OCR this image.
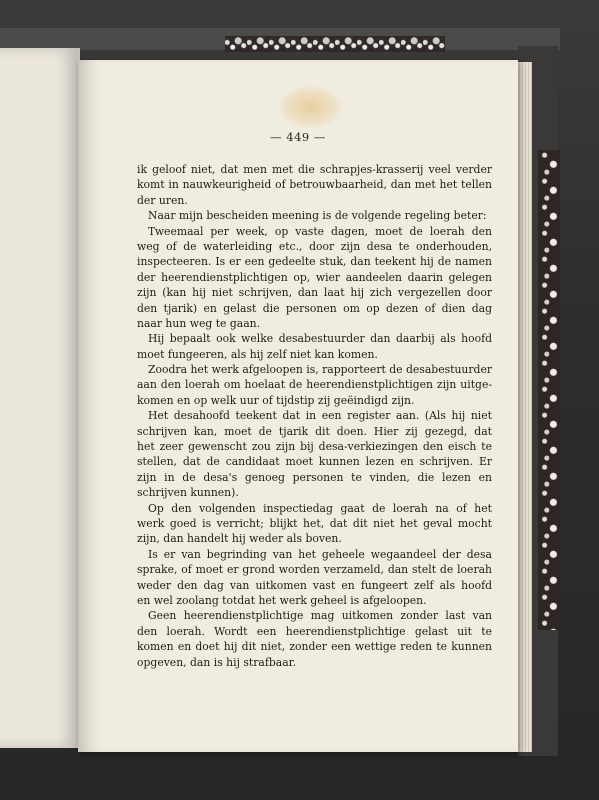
— 449 —
ik geloof niet, dat men met die schrapjes-krasserij veel verder
komt in nauwkeurigheid of betrouwbaarheid, dan met het tellen
der uren.
Naar mijn bescheiden meening is de volgende regeling beter:
Tweemaal per week, op vaste dagen, moet de loerah den
weg of de waterleiding etc., door zijn desa te onderhouden,
inspecteeren. Is er een gedeelte stuk, dan teekent hij de namen
der heerendienstplichtigen op, wier aandeelen daarin gelegen
zijn (kan hij niet schrijven, dan laat hij zich vergezellen door
den tjarik) en gelast die personen om op dezen of dien dag
naar hun weg te gaan.
Hij bepaalt ook welke desabestuurder dan daarbij als hoofd
moet fungeeren, als hij zelf niet kan komen.
Zoodra het werk afgeloopen is, rapporteert de desabestuurder
aan den loerah om hoelaat de heerendienstplichtigen zijn uitge-
komen en op welk uur of tijdstip zij geëindigd zijn.
Het desahoofd teekent dat in een register aan. (Als hij niet
schrijven kan, moet de tjarik dit doen. Hier zij gezegd, dat
het zeer gewenscht zou zijn bij desa-verkiezingen den eisch te
stellen, dat de candidaat moet kunnen lezen en schrijven. Er
zijn in de desa's genoeg personen te vinden, die lezen en
schrijven kunnen).
Op den volgenden inspectiedag gaat de loerah na of het
werk goed is verricht; blijkt het, dat dit niet het geval mocht
zijn, dan handelt hij weder als boven.
Is er van begrinding van het geheele wegaandeel der desa
sprake, of moet er grond worden verzameld, dan stelt de loerah
weder den dag van uitkomen vast en fungeert zelf als hoofd
en wel zoolang totdat het werk geheel is afgeloopen.
Geen heerendienstplichtige mag uitkomen zonder last van
den loerah. Wordt een heerendienstplichtige gelast uit te
komen en doet hij dit niet, zonder een wettige reden te kunnen
opgeven, dan is hij strafbaar.
